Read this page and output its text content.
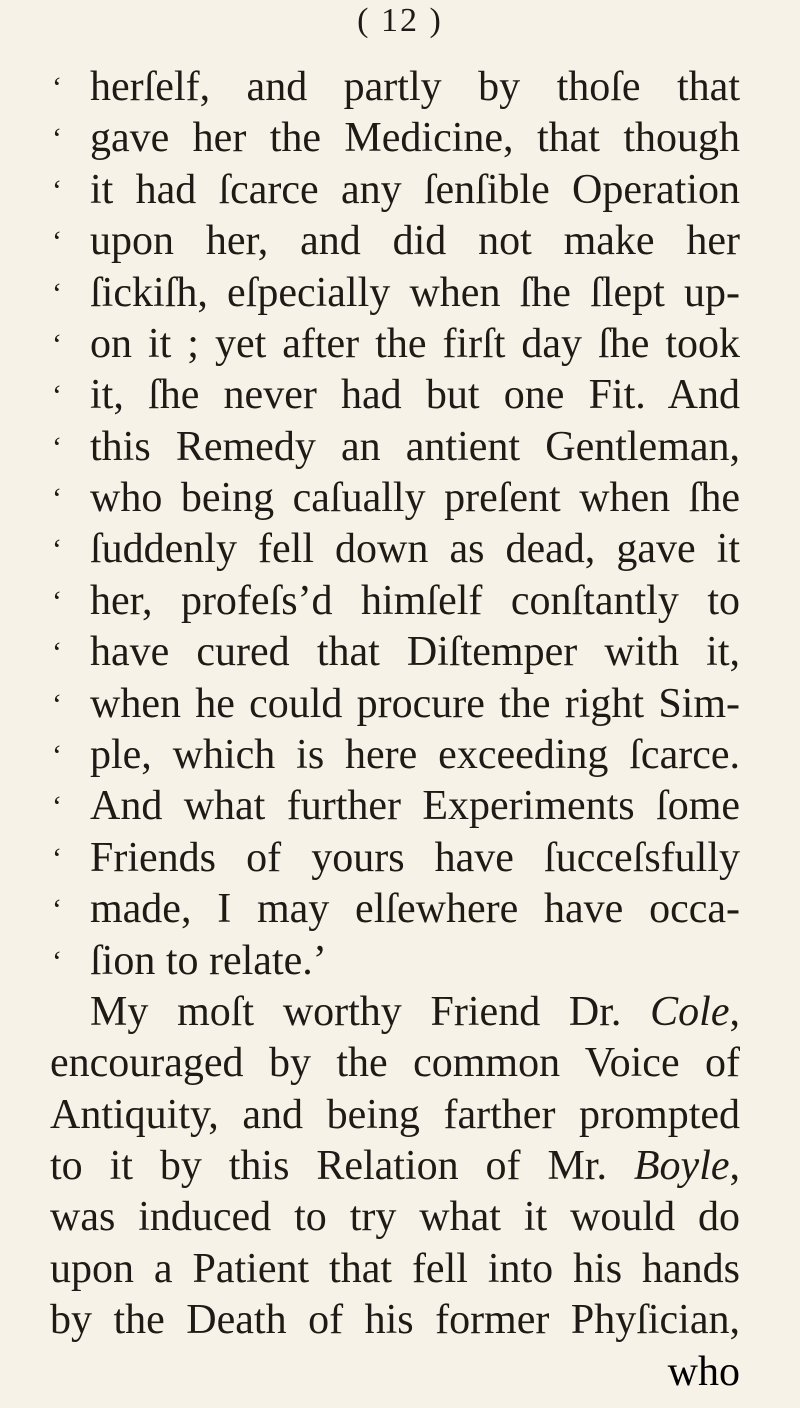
( 12 )
‘ herſelf, and partly by thoſe that
‘ gave her the Medicine, that though
‘ it had ſcarce any ſenſible Operation
‘ upon her, and did not make her
‘ ſickiſh, eſpecially when ſhe ſlept up-
‘ on it ; yet after the firſt day ſhe took
‘ it, ſhe never had but one Fit. And
‘ this Remedy an antient Gentleman,
‘ who being caſually preſent when ſhe
‘ ſuddenly fell down as dead, gave it
‘ her, profeſs’d himſelf conſtantly to
‘ have cured that Diſtemper with it,
‘ when he could procure the right Sim-
‘ ple, which is here exceeding ſcarce.
‘ And what further Experiments ſome
‘ Friends of yours have ſucceſsfully
‘ made, I may elſewhere have occa-
‘ ſion to relate.’
My moſt worthy Friend Dr. Cole,
encouraged by the common Voice of
Antiquity, and being farther prompted
to it by this Relation of Mr. Boyle,
was induced to try what it would do
upon a Patient that fell into his hands
by the Death of his former Phyſician,
who
